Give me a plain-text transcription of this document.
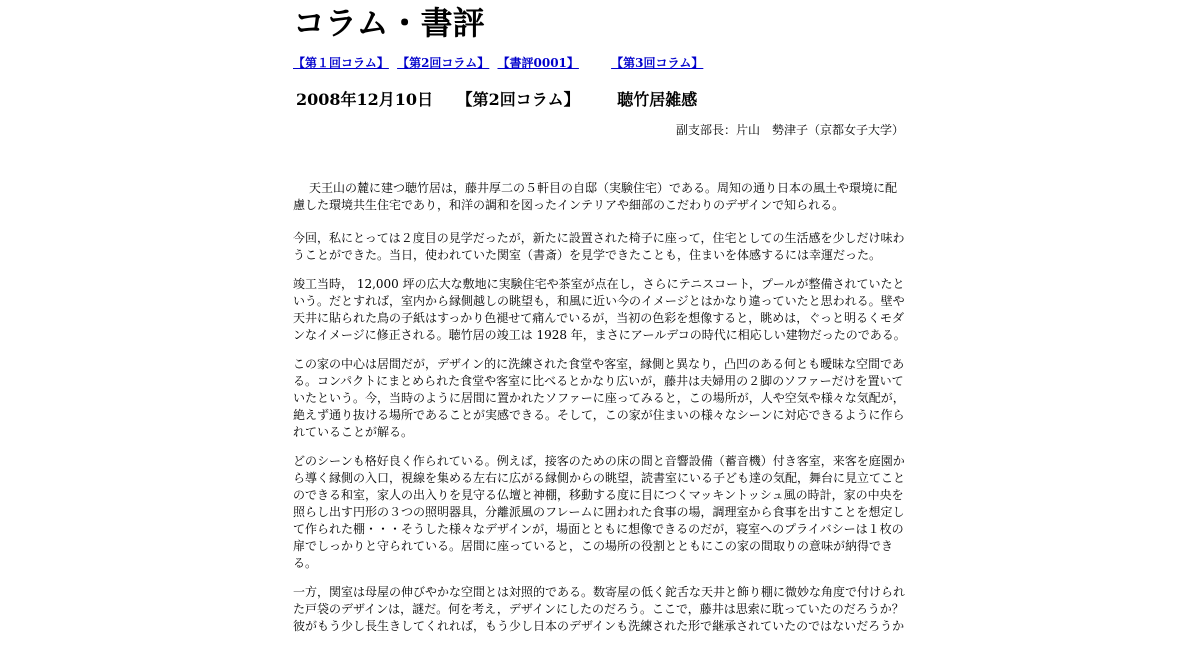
コラム・書評
【第１回コラム】 【第2回コラム】 【書評0001】	【第3回コラム】
2008年12月10日 【第2回コラム】 聴竹居雑感
副支部長：片山　勢津子（京都女子大学）

天王山の麓に建つ聴竹居は，藤井厚二の５軒目の自邸（実験住宅）である。周知の通り日本の風土や環境に配慮した環境共生住宅であり，和洋の調和を図ったインテリアや細部のこだわりのデザインで知られる。

今回，私にとっては２度目の見学だったが，新たに設置された椅子に座って，住宅としての生活感を少しだけ味わうことができた。当日，使われていた関室（書斎）を見学できたことも，住まいを体感するには幸運だった。

竣工当時， 12,000 坪の広大な敷地に実験住宅や茶室が点在し，さらにテニスコート，プールが整備されていたという。だとすれば，室内から縁側越しの眺望も，和風に近い今のイメージとはかなり違っていたと思われる。壁や天井に貼られた鳥の子紙はすっかり色褪せて痛んでいるが，当初の色彩を想像すると，眺めは，ぐっと明るくモダンなイメージに修正される。聴竹居の竣工は 1928 年，まさにアールデコの時代に相応しい建物だったのである。

この家の中心は居間だが，デザイン的に洗練された食堂や客室，縁側と異なり，凸凹のある何とも曖昧な空間である。コンパクトにまとめられた食堂や客室に比べるとかなり広いが，藤井は夫婦用の２脚のソファーだけを置いていたという。今，当時のように居間に置かれたソファーに座ってみると，この場所が，人や空気や様々な気配が，絶えず通り抜ける場所であることが実感できる。そして，この家が住まいの様々なシーンに対応できるように作られていることが解る。

どのシーンも格好良く作られている。例えば，接客のための床の間と音響設備（蓄音機）付き客室，来客を庭園から導く縁側の入口，視線を集める左右に広がる縁側からの眺望，読書室にいる子ども達の気配，舞台に見立てことのできる和室，家人の出入りを見守る仏壇と神棚，移動する度に目につくマッキントッシュ風の時計，家の中央を照らし出す円形の３つの照明器具，分離派風のフレームに囲われた食事の場，調理室から食事を出すことを想定して作られた棚・・・そうした様々なデザインが，場面とともに想像できるのだが，寝室へのプライバシーは１枚の扉でしっかりと守られている。居間に座っていると，この場所の役割とともにこの家の間取りの意味が納得できる。

一方，関室は母屋の伸びやかな空間とは対照的である。数寄屋の低く鉈舌な天井と飾り棚に微妙な角度で付けられた戸袋のデザインは，謎だ。何を考え，デザインにしたのだろう。ここで，藤井は思索に耽っていたのだろうか？彼がもう少し長生きしてくれれば，もう少し日本のデザインも洗練された形で継承されていたのではないだろうか
